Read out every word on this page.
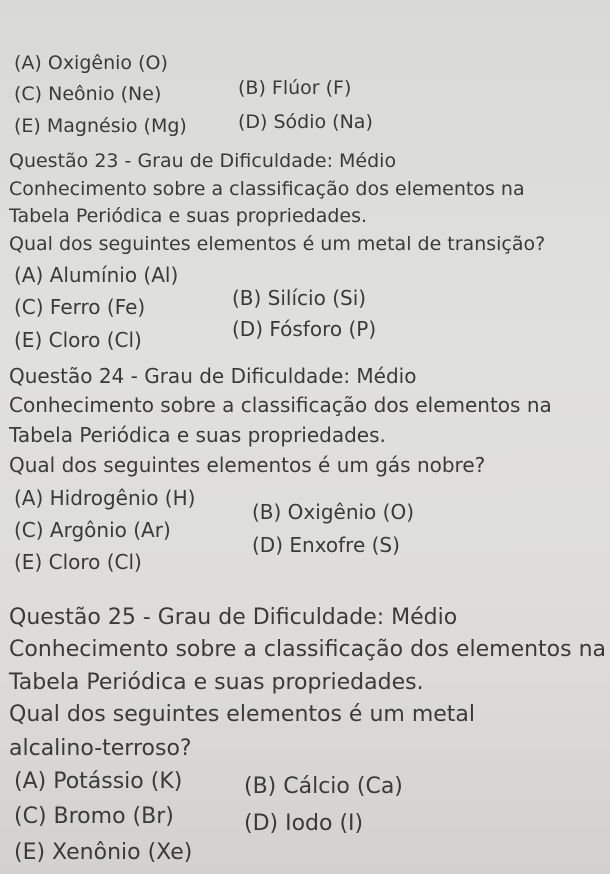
(A) Oxigênio (O)
(C) Neônio (Ne)	(B) Flúor (F)
(E) Magnésio (Mg)	(D) Sódio (Na)
Questão 23 - Grau de Dificuldade: Médio
Conhecimento sobre a classificação dos elementos na
Tabela Periódica e suas propriedades.
Qual dos seguintes elementos é um metal de transição?
(A) Alumínio (Al)
(B) Silício (Si)
(C) Ferro (Fe)
(D) Fósforo (P)
(E) Cloro (Cl)
Questão 24 - Grau de Dificuldade: Médio
Conhecimento sobre a classificação dos elementos na
Tabela Periódica e suas propriedades.
Qual dos seguintes elementos é um gás nobre?
(A) Hidrogênio (H)
(B) Oxigênio (O)
(C) Argônio (Ar)
(D) Enxofre (S)
(E) Cloro (Cl)
Questão 25 - Grau de Dificuldade: Médio
Conhecimento sobre a classificação dos elementos na
Tabela Periódica e suas propriedades.
Qual dos seguintes elementos é um metal
alcalino-terroso?
(A) Potássio (K)	(B) Cálcio (Ca)
(C) Bromo (Br)	(D) Iodo (I)
(E) Xenônio (Xe)
